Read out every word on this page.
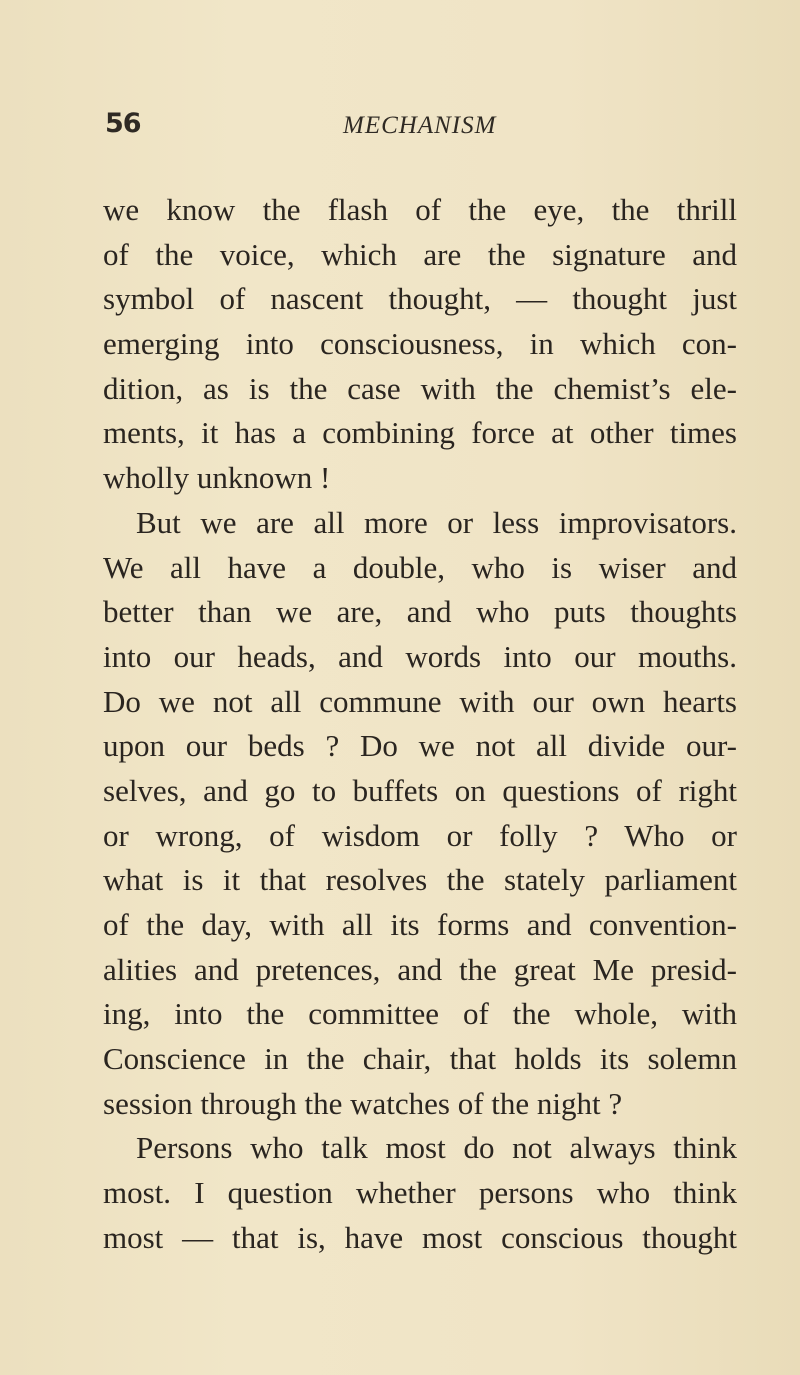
56	MECHANISM
we know the flash of the eye, the thrill
of the voice, which are the signature and
symbol of nascent thought, — thought just
emerging into consciousness, in which con-
dition, as is the case with the chemist’s ele-
ments, it has a combining force at other times
wholly unknown !
But we are all more or less improvisators.
We all have a double, who is wiser and
better than we are, and who puts thoughts
into our heads, and words into our mouths.
Do we not all commune with our own hearts
upon our beds ? Do we not all divide our-
selves, and go to buffets on questions of right
or wrong, of wisdom or folly ? Who or
what is it that resolves the stately parliament
of the day, with all its forms and convention-
alities and pretences, and the great Me presid-
ing, into the committee of the whole, with
Conscience in the chair, that holds its solemn
session through the watches of the night ?
Persons who talk most do not always think
most. I question whether persons who think
most — that is, have most conscious thought
